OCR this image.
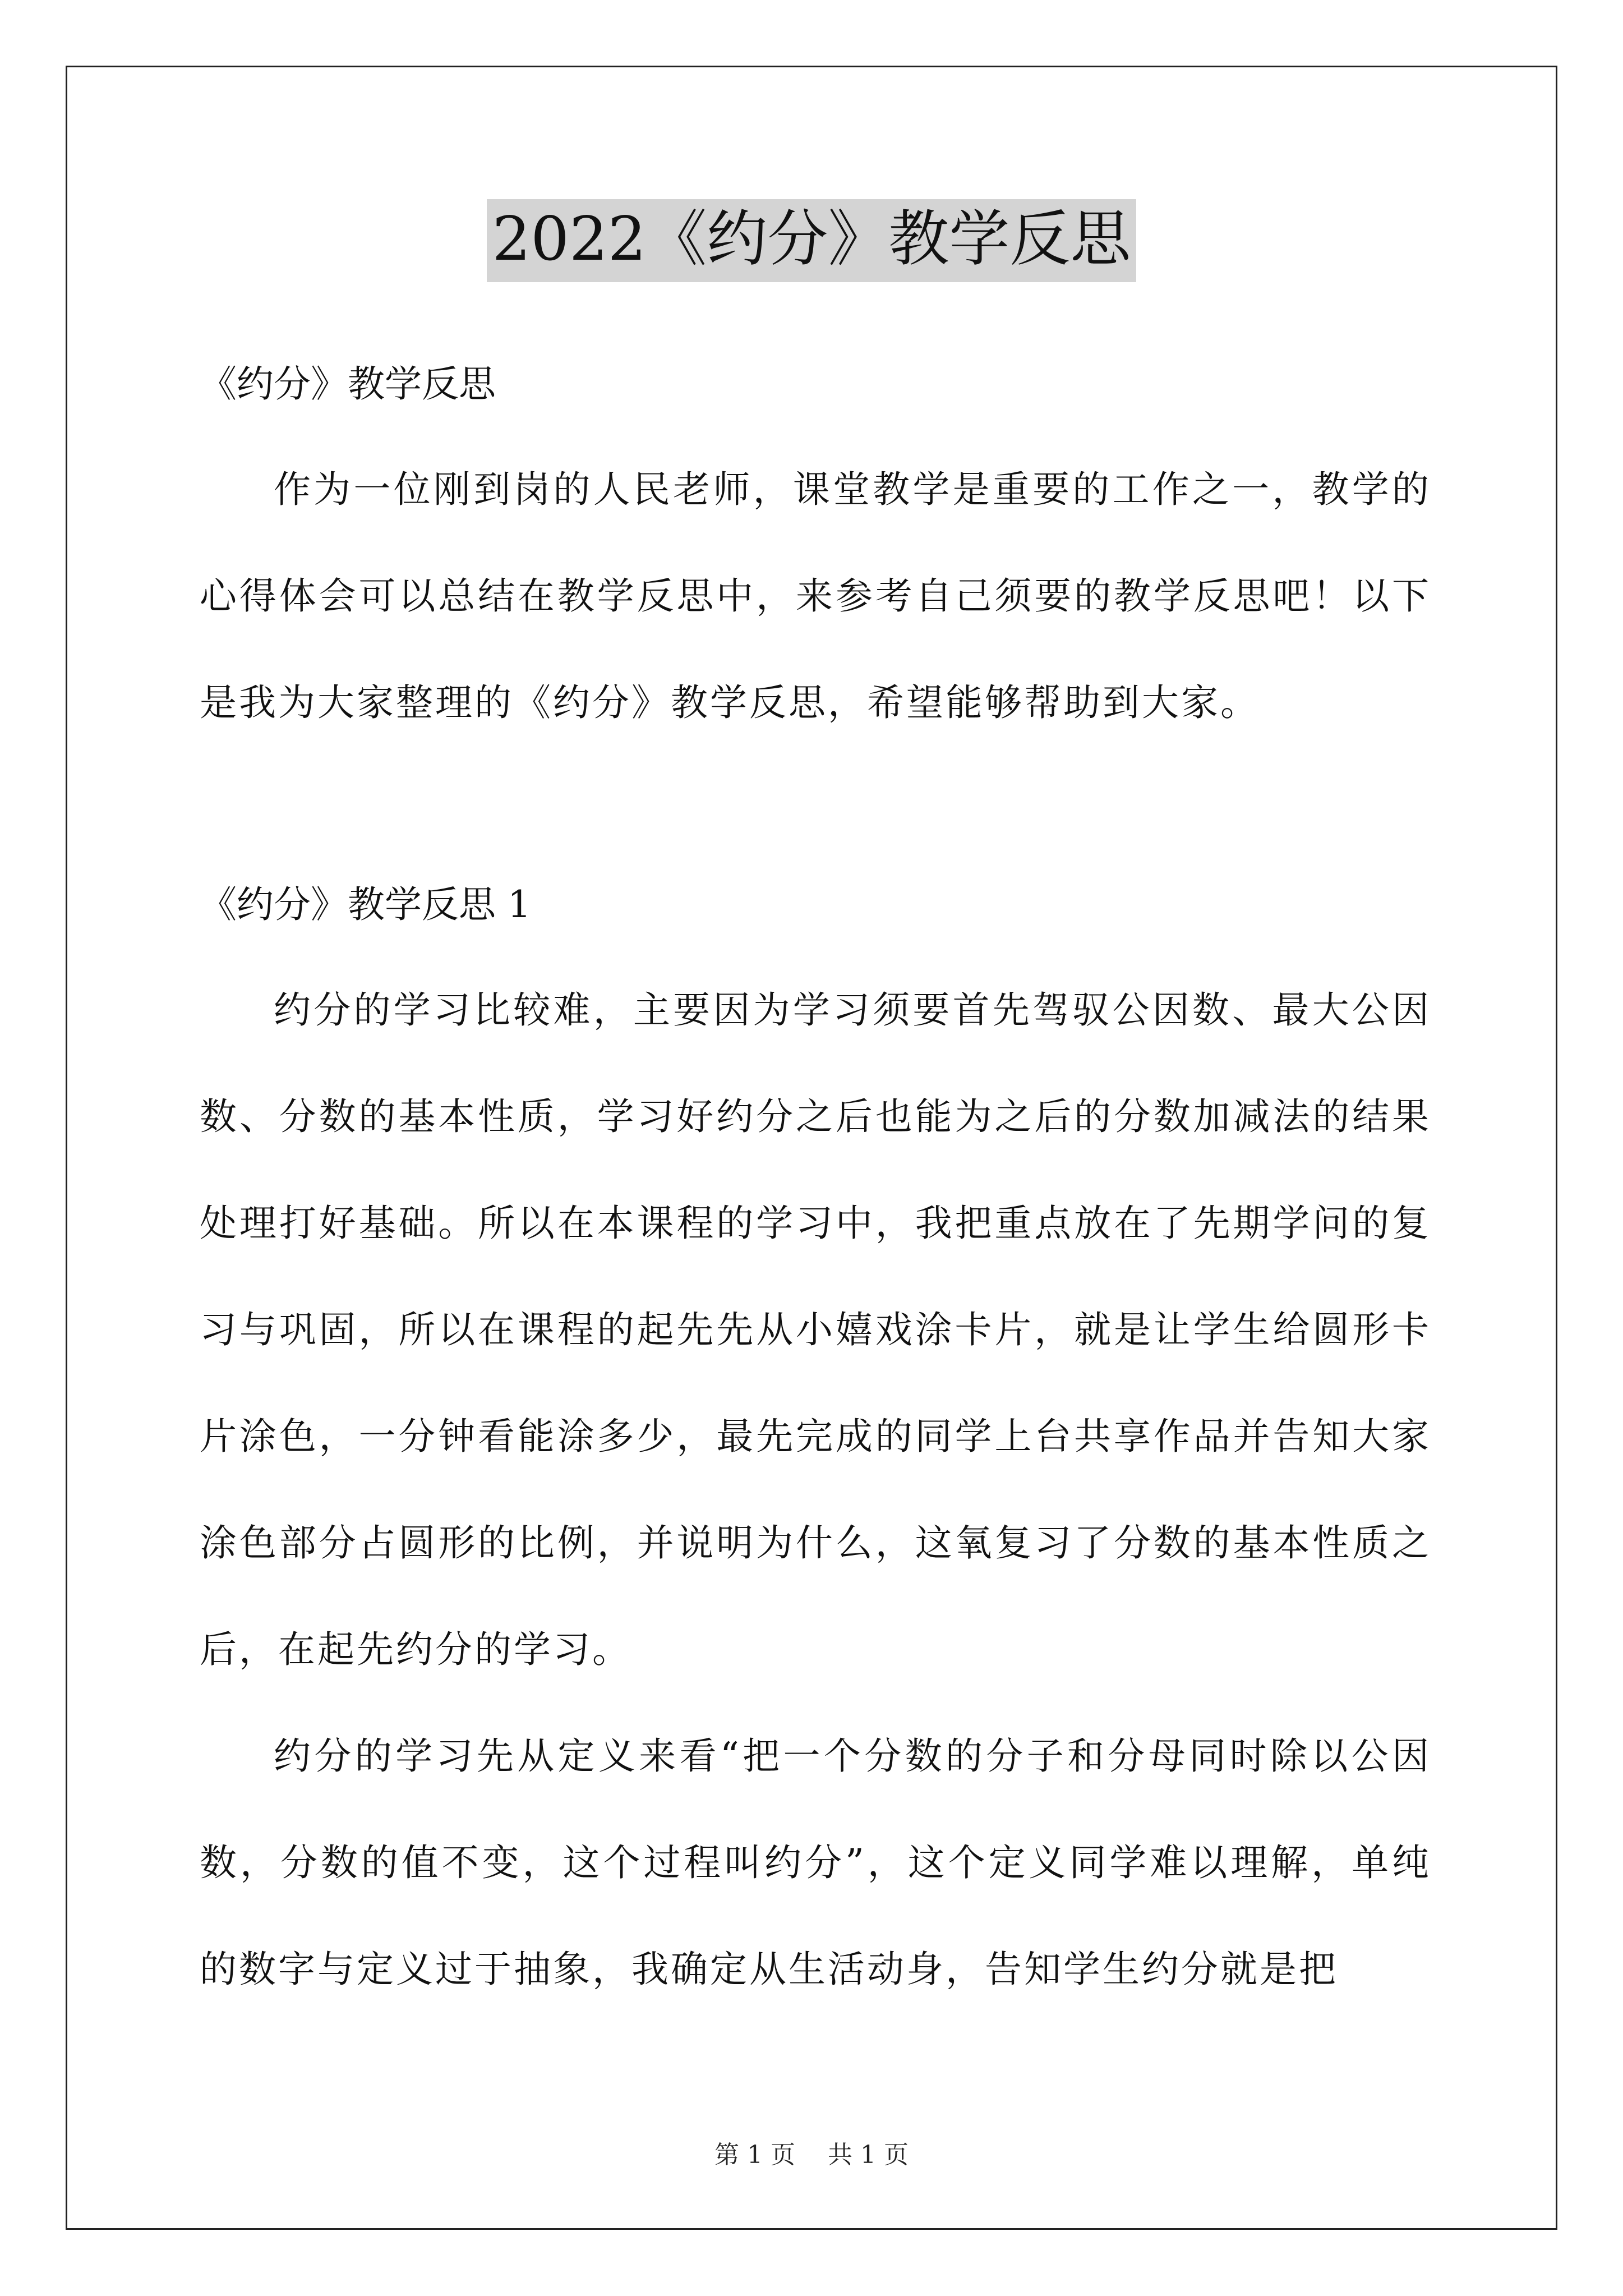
2022《约分》教学反思

《约分》教学反思

作为一位刚到岗的人民老师，课堂教学是重要的工作之一，教学的心得体会可以总结在教学反思中，来参考自己须要的教学反思吧！以下是我为大家整理的《约分》教学反思，希望能够帮助到大家。

《约分》教学反思 1

约分的学习比较难，主要因为学习须要首先驾驭公因数、最大公因数、分数的基本性质，学习好约分之后也能为之后的分数加减法的结果处理打好基础。所以在本课程的学习中，我把重点放在了先期学问的复习与巩固，所以在课程的起先先从小嬉戏涂卡片，就是让学生给圆形卡片涂色，一分钟看能涂多少，最先完成的同学上台共享作品并告知大家涂色部分占圆形的比例，并说明为什么，这氧复习了分数的基本性质之后，在起先约分的学习。

约分的学习先从定义来看“把一个分数的分子和分母同时除以公因数，分数的值不变，这个过程叫约分”，这个定义同学难以理解，单纯的数字与定义过于抽象，我确定从生活动身，告知学生约分就是把

第 1 页 共 1 页
